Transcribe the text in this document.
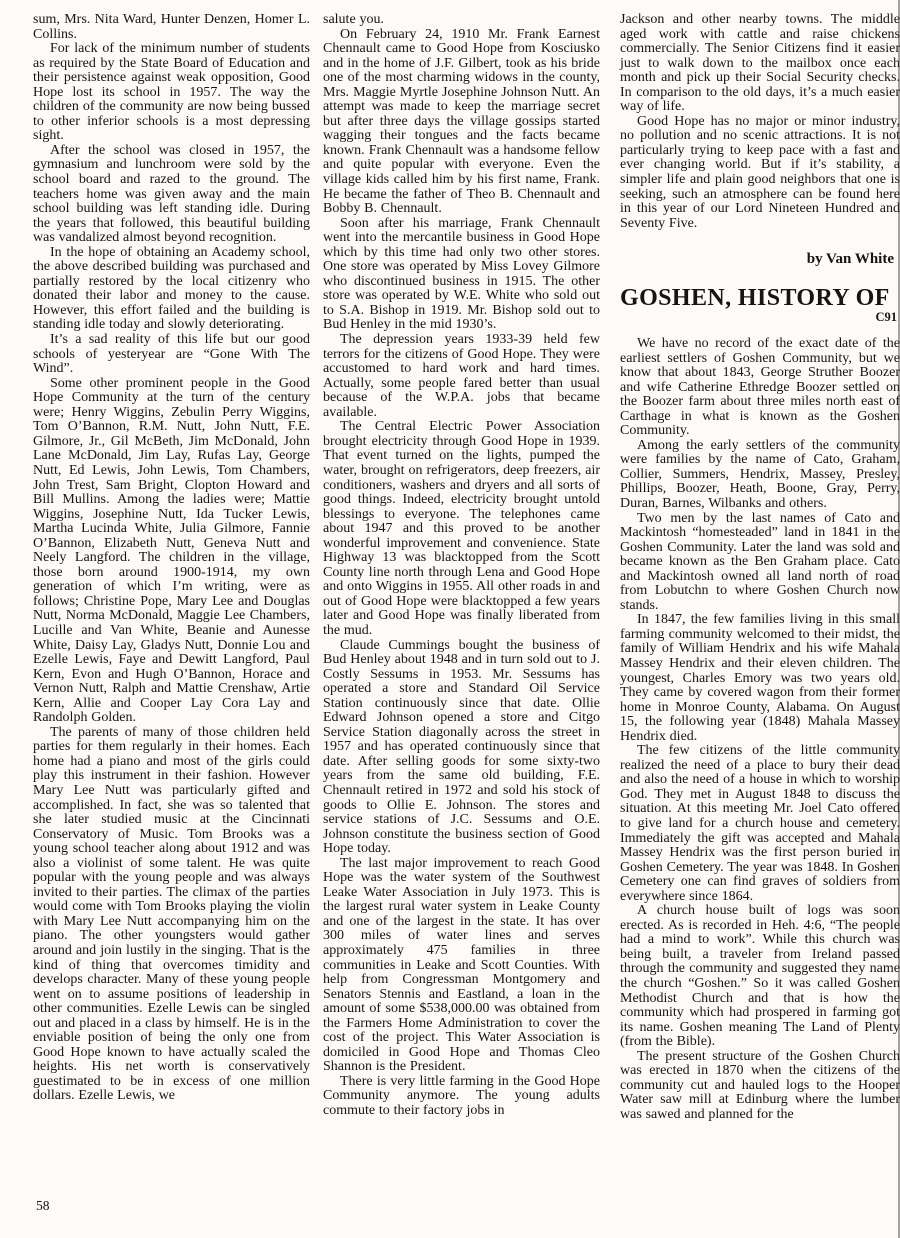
sum, Mrs. Nita Ward, Hunter Denzen, Homer L. Collins.

For lack of the minimum number of students as required by the State Board of Education and their persistence against weak opposition, Good Hope lost its school in 1957. The way the children of the community are now being bussed to other inferior schools is a most depressing sight.

After the school was closed in 1957, the gymnasium and lunchroom were sold by the school board and razed to the ground. The teachers home was given away and the main school building was left standing idle. During the years that followed, this beautiful building was vandalized almost beyond recognition.

In the hope of obtaining an Academy school, the above described building was purchased and partially restored by the local citizenry who donated their labor and money to the cause. However, this effort failed and the building is standing idle today and slowly deteriorating.

It’s a sad reality of this life but our good schools of yesteryear are “Gone With The Wind”.

Some other prominent people in the Good Hope Community at the turn of the century were; Henry Wiggins, Zebulin Perry Wiggins, Tom O’Bannon, R.M. Nutt, John Nutt, F.E. Gilmore, Jr., Gil McBeth, Jim McDonald, John Lane McDonald, Jim Lay, Rufas Lay, George Nutt, Ed Lewis, John Lewis, Tom Chambers, John Trest, Sam Bright, Clopton Howard and Bill Mullins. Among the ladies were; Mattie Wiggins, Josephine Nutt, Ida Tucker Lewis, Martha Lucinda White, Julia Gilmore, Fannie O’Bannon, Elizabeth Nutt, Geneva Nutt and Neely Langford. The children in the village, those born around 1900-1914, my own generation of which I’m writing, were as follows; Christine Pope, Mary Lee and Douglas Nutt, Norma McDonald, Maggie Lee Chambers, Lucille and Van White, Beanie and Aunesse White, Daisy Lay, Gladys Nutt, Donnie Lou and Ezelle Lewis, Faye and Dewitt Langford, Paul Kern, Evon and Hugh O’Bannon, Horace and Vernon Nutt, Ralph and Mattie Crenshaw, Artie Kern, Allie and Cooper Lay Cora Lay and Randolph Golden.

The parents of many of those children held parties for them regularly in their homes. Each home had a piano and most of the girls could play this instrument in their fashion. However Mary Lee Nutt was particularly gifted and accomplished. In fact, she was so talented that she later studied music at the Cincinnati Conservatory of Music. Tom Brooks was a young school teacher along about 1912 and was also a violinist of some talent. He was quite popular with the young people and was always invited to their parties. The climax of the parties would come with Tom Brooks playing the violin with Mary Lee Nutt accompanying him on the piano. The other youngsters would gather around and join lustily in the singing. That is the kind of thing that overcomes timidity and develops character. Many of these young people went on to assume positions of leadership in other communities. Ezelle Lewis can be singled out and placed in a class by himself. He is in the enviable position of being the only one from Good Hope known to have actually scaled the heights. His net worth is conservatively guestimated to be in excess of one million dollars. Ezelle Lewis, we

salute you.

On February 24, 1910 Mr. Frank Earnest Chennault came to Good Hope from Kosciusko and in the home of J.F. Gilbert, took as his bride one of the most charming widows in the county, Mrs. Maggie Myrtle Josephine Johnson Nutt. An attempt was made to keep the marriage secret but after three days the village gossips started wagging their tongues and the facts became known. Frank Chennault was a handsome fellow and quite popular with everyone. Even the village kids called him by his first name, Frank. He became the father of Theo B. Chennault and Bobby B. Chennault.

Soon after his marriage, Frank Chennault went into the mercantile business in Good Hope which by this time had only two other stores. One store was operated by Miss Lovey Gilmore who discontinued business in 1915. The other store was operated by W.E. White who sold out to S.A. Bishop in 1919. Mr. Bishop sold out to Bud Henley in the mid 1930’s.

The depression years 1933-39 held few terrors for the citizens of Good Hope. They were accustomed to hard work and hard times. Actually, some people fared better than usual because of the W.P.A. jobs that became available.

The Central Electric Power Association brought electricity through Good Hope in 1939. That event turned on the lights, pumped the water, brought on refrigerators, deep freezers, air conditioners, washers and dryers and all sorts of good things. Indeed, electricity brought untold blessings to everyone. The telephones came about 1947 and this proved to be another wonderful improvement and convenience. State Highway 13 was blacktopped from the Scott County line north through Lena and Good Hope and onto Wiggins in 1955. All other roads in and out of Good Hope were blacktopped a few years later and Good Hope was finally liberated from the mud.

Claude Cummings bought the business of Bud Henley about 1948 and in turn sold out to J. Costly Sessums in 1953. Mr. Sessums has operated a store and Standard Oil Service Station continuously since that date. Ollie Edward Johnson opened a store and Citgo Service Station diagonally across the street in 1957 and has operated continuously since that date. After selling goods for some sixty-two years from the same old building, F.E. Chennault retired in 1972 and sold his stock of goods to Ollie E. Johnson. The stores and service stations of J.C. Sessums and O.E. Johnson constitute the business section of Good Hope today.

The last major improvement to reach Good Hope was the water system of the Southwest Leake Water Association in July 1973. This is the largest rural water system in Leake County and one of the largest in the state. It has over 300 miles of water lines and serves approximately 475 families in three communities in Leake and Scott Counties. With help from Congressman Montgomery and Senators Stennis and Eastland, a loan in the amount of some $538,000.00 was obtained from the Farmers Home Administration to cover the cost of the project. This Water Association is domiciled in Good Hope and Thomas Cleo Shannon is the President.

There is very little farming in the Good Hope Community anymore. The young adults commute to their factory jobs in

Jackson and other nearby towns. The middle aged work with cattle and raise chickens commercially. The Senior Citizens find it easier just to walk down to the mailbox once each month and pick up their Social Security checks. In comparison to the old days, it’s a much easier way of life.

Good Hope has no major or minor industry, no pollution and no scenic attractions. It is not particularly trying to keep pace with a fast and ever changing world. But if it’s stability, a simpler life and plain good neighbors that one is seeking, such an atmosphere can be found here in this year of our Lord Nineteen Hundred and Seventy Five.

by Van White
GOSHEN, HISTORY OF
C91

We have no record of the exact date of the earliest settlers of Goshen Community, but we know that about 1843, George Struther Boozer and wife Catherine Ethredge Boozer settled on the Boozer farm about three miles north east of Carthage in what is known as the Goshen Community.

Among the early settlers of the community were families by the name of Cato, Graham, Collier, Summers, Hendrix, Massey, Presley, Phillips, Boozer, Heath, Boone, Gray, Perry, Duran, Barnes, Wilbanks and others.

Two men by the last names of Cato and Mackintosh “homesteaded” land in 1841 in the Goshen Community. Later the land was sold and became known as the Ben Graham place. Cato and Mackintosh owned all land north of road from Lobutchn to where Goshen Church now stands.

In 1847, the few families living in this small farming community welcomed to their midst, the family of William Hendrix and his wife Mahala Massey Hendrix and their eleven children. The youngest, Charles Emory was two years old. They came by covered wagon from their former home in Monroe County, Alabama. On August 15, the following year (1848) Mahala Massey Hendrix died.

The few citizens of the little community realized the need of a place to bury their dead and also the need of a house in which to worship God. They met in August 1848 to discuss the situation. At this meeting Mr. Joel Cato offered to give land for a church house and cemetery. Immediately the gift was accepted and Mahala Massey Hendrix was the first person buried in Goshen Cemetery. The year was 1848. In Goshen Cemetery one can find graves of soldiers from everywhere since 1864.

A church house built of logs was soon erected. As is recorded in Heh. 4:6, “The people had a mind to work”. While this church was being built, a traveler from Ireland passed through the community and suggested they name the church “Goshen.” So it was called Goshen Methodist Church and that is how the community which had prospered in farming got its name. Goshen meaning The Land of Plenty (from the Bible).

The present structure of the Goshen Church was erected in 1870 when the citizens of the community cut and hauled logs to the Hooper Water saw mill at Edinburg where the lumber was sawed and planned for the

58
